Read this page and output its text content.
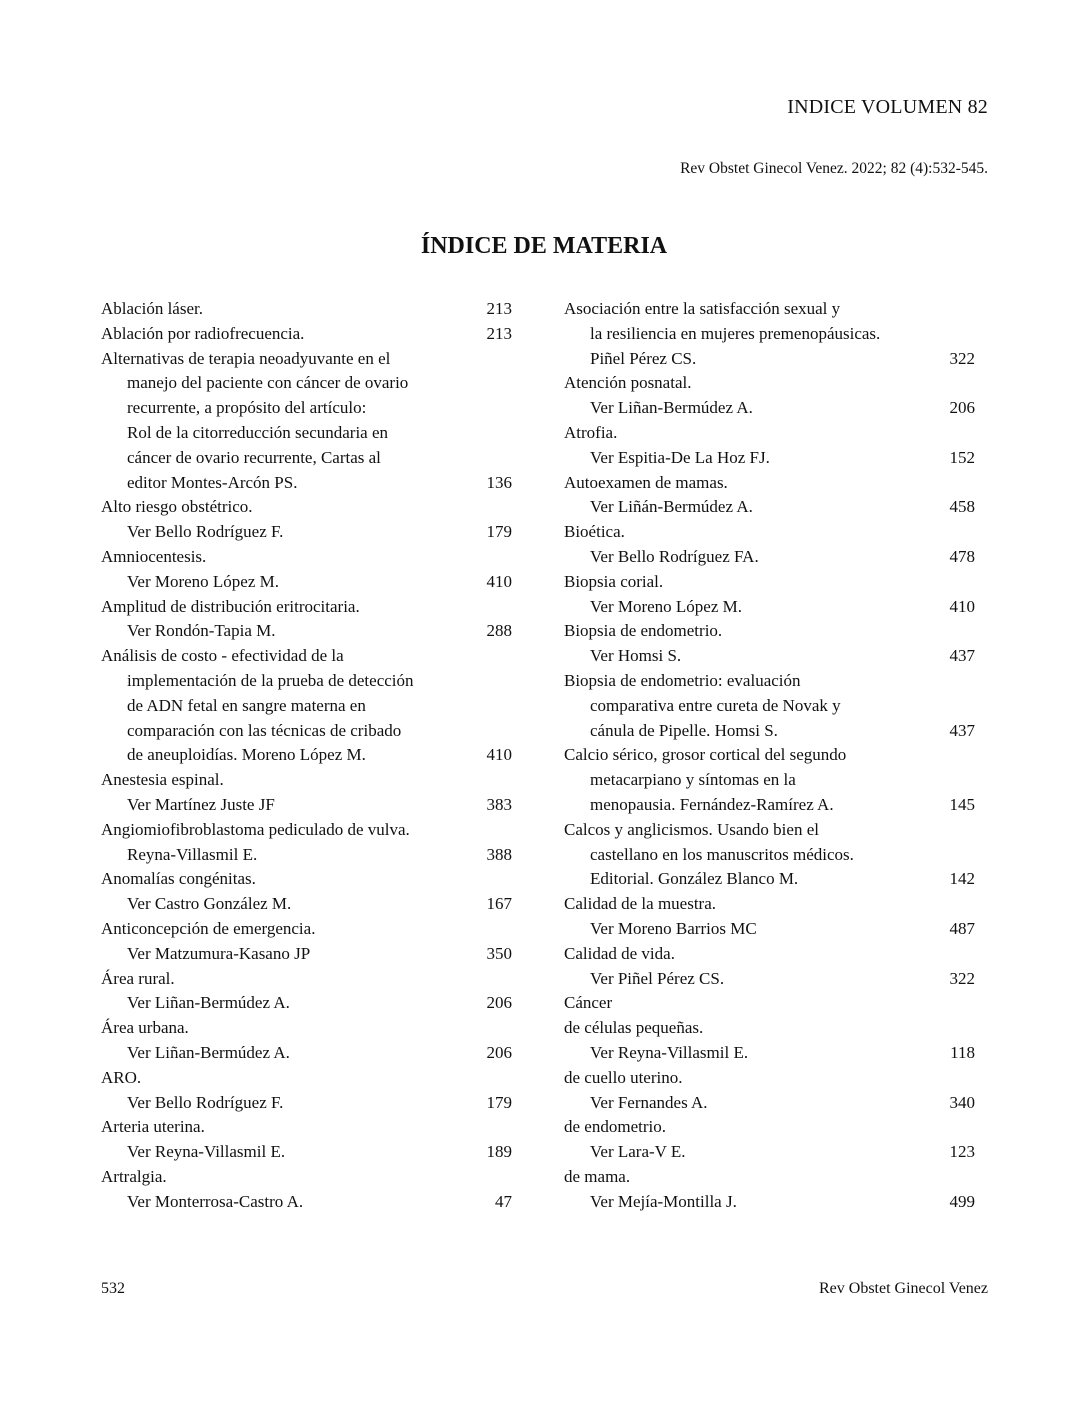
INDICE VOLUMEN 82
Rev Obstet Ginecol Venez. 2022; 82 (4):532-545.
ÍNDICE DE MATERIA
Ablación láser.	213
Ablación por radiofrecuencia.	213
Alternativas de terapia neoadyuvante en el
manejo del paciente con cáncer de ovario
recurrente, a propósito del artículo:
Rol de la citorreducción secundaria en
cáncer de ovario recurrente, Cartas al
editor Montes-Arcón PS.	136
Alto riesgo obstétrico.
Ver Bello Rodríguez F.	179
Amniocentesis.
Ver Moreno López M.	410
Amplitud de distribución eritrocitaria.
Ver Rondón-Tapia M.	288
Análisis de costo - efectividad de la
implementación de la prueba de detección
de ADN fetal en sangre materna en
comparación con las técnicas de cribado
de aneuploidías. Moreno López M.	410
Anestesia espinal.
Ver Martínez Juste JF	383
Angiomiofibroblastoma pediculado de vulva.
Reyna-Villasmil E.	388
Anomalías congénitas.
Ver Castro González M.	167
Anticoncepción de emergencia.
Ver Matzumura-Kasano JP	350
Área rural.
Ver Liñan-Bermúdez A.	206
Área urbana.
Ver Liñan-Bermúdez A.	206
ARO.
Ver Bello Rodríguez F.	179
Arteria uterina.
Ver Reyna-Villasmil E.	189
Artralgia.
Ver Monterrosa-Castro A.	47
Asociación entre la satisfacción sexual y
la resiliencia en mujeres premenopáusicas.
Piñel Pérez CS.	322
Atención posnatal.
Ver Liñan-Bermúdez A.	206
Atrofia.
Ver Espitia-De La Hoz FJ.	152
Autoexamen de mamas.
Ver Liñán-Bermúdez A.	458
Bioética.
Ver Bello Rodríguez FA.	478
Biopsia corial.
Ver Moreno López M.	410
Biopsia de endometrio.
Ver Homsi S.	437
Biopsia de endometrio: evaluación
comparativa entre cureta de Novak y
cánula de Pipelle. Homsi S.	437
Calcio sérico, grosor cortical del segundo
metacarpiano y síntomas en la
menopausia. Fernández-Ramírez A.	145
Calcos y anglicismos. Usando bien el
castellano en los manuscritos médicos.
Editorial. González Blanco M.	142
Calidad de la muestra.
Ver Moreno Barrios MC	487
Calidad de vida.
Ver Piñel Pérez CS.	322
Cáncer
de células pequeñas.
Ver Reyna-Villasmil E.	118
de cuello uterino.
Ver Fernandes A.	340
de endometrio.
Ver Lara-V E.	123
de mama.
Ver Mejía-Montilla J.	499
532	Rev Obstet Ginecol Venez
